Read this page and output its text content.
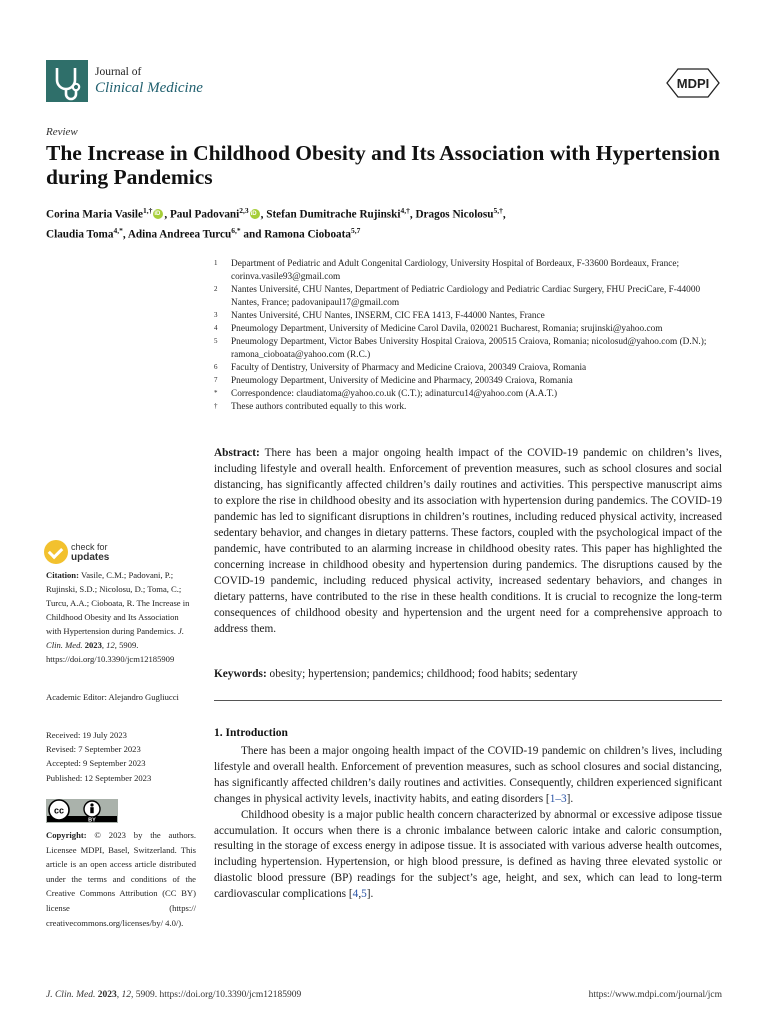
Journal of
Clinical Medicine	MDPI
Review
The Increase in Childhood Obesity and Its Association with Hypertension during Pandemics
Corina Maria Vasile$^{1,\dagger}$ iD , Paul Padovani$^{2,3}$ iD , Stefan Dumitrache Rujinski$^{4,\dagger}$, Dragos Nicolosu$^{5,\dagger}$,
Claudia Toma$^{4,*}$, Adina Andreea Turcu$^{6,*}$ and Ramona Cioboata$^{5,7}$
1	Department of Pediatric and Adult Congenital Cardiology, University Hospital of Bordeaux, F-33600 Bordeaux, France; corinva.vasile93@gmail.com
2	Nantes Université, CHU Nantes, Department of Pediatric Cardiology and Pediatric Cardiac Surgery, FHU PreciCare, F-44000 Nantes, France; padovanipaul17@gmail.com
3	Nantes Université, CHU Nantes, INSERM, CIC FEA 1413, F-44000 Nantes, France
4	Pneumology Department, University of Medicine Carol Davila, 020021 Bucharest, Romania; srujinski@yahoo.com
5	Pneumology Department, Victor Babes University Hospital Craiova, 200515 Craiova, Romania; nicolosud@yahoo.com (D.N.); ramona_cioboata@yahoo.com (R.C.)
6	Faculty of Dentistry, University of Pharmacy and Medicine Craiova, 200349 Craiova, Romania
7	Pneumology Department, University of Medicine and Pharmacy, 200349 Craiova, Romania
*	Correspondence: claudiatoma@yahoo.co.uk (C.T.); adinaturcu14@yahoo.com (A.A.T.)
†	These authors contributed equally to this work.
Abstract: There has been a major ongoing health impact of the COVID-19 pandemic on children’s lives, including lifestyle and overall health. Enforcement of prevention measures, such as school closures and social distancing, has significantly affected children’s daily routines and activities. This perspective manuscript aims to explore the rise in childhood obesity and its association with hypertension during pandemics. The COVID-19 pandemic has led to significant disruptions in children’s routines, including reduced physical activity, increased sedentary behavior, and changes in dietary patterns. These factors, coupled with the psychological impact of the pandemic, have contributed to an alarming increase in childhood obesity rates. This paper has highlighted the concerning increase in childhood obesity and hypertension during pandemics. The disruptions caused by the COVID-19 pandemic, including reduced physical activity, increased sedentary behaviors, and changes in dietary patterns, have contributed to the rise in these health conditions. It is crucial to recognize the long-term consequences of childhood obesity and hypertension and the urgent need for a comprehensive approach to address them.
Keywords: obesity; hypertension; pandemics; childhood; food habits; sedentary
1. Introduction

There has been a major ongoing health impact of the COVID-19 pandemic on children’s lives, including lifestyle and overall health. Enforcement of prevention measures, such as school closures and social distancing, has significantly affected children’s daily routines and activities. Consequently, children experienced significant changes in physical activity levels, inactivity habits, and eating disorders [1–3].

Childhood obesity is a major public health concern characterized by abnormal or excessive adipose tissue accumulation. It occurs when there is a chronic imbalance between caloric intake and caloric consumption, resulting in the storage of excess energy in adipose tissue. It is associated with various adverse health outcomes, including hypertension. Hypertension, or high blood pressure, is defined as having three elevated systolic or diastolic blood pressure (BP) readings for the subject’s age, height, and sex, which can lead to long-term cardiovascular complications [4,5].

check for
updates
Citation: Vasile, C.M.; Padovani, P.; Rujinski, S.D.; Nicolosu, D.; Toma, C.; Turcu, A.A.; Cioboata, R. The Increase in Childhood Obesity and Its Association with Hypertension during Pandemics. J. Clin. Med. 2023, 12, 5909. https://doi.org/10.3390/jcm12185909
Academic Editor: Alejandro Gugliucci
Received: 19 July 2023
Revised: 7 September 2023
Accepted: 9 September 2023
Published: 12 September 2023
cc
BY
Copyright: © 2023 by the authors. Licensee MDPI, Basel, Switzerland. This article is an open access article distributed under the terms and conditions of the Creative Commons Attribution (CC BY) license (https:// creativecommons.org/licenses/by/ 4.0/).
J. Clin. Med. 2023, 12, 5909. https://doi.org/10.3390/jcm12185909	https://www.mdpi.com/journal/jcm
